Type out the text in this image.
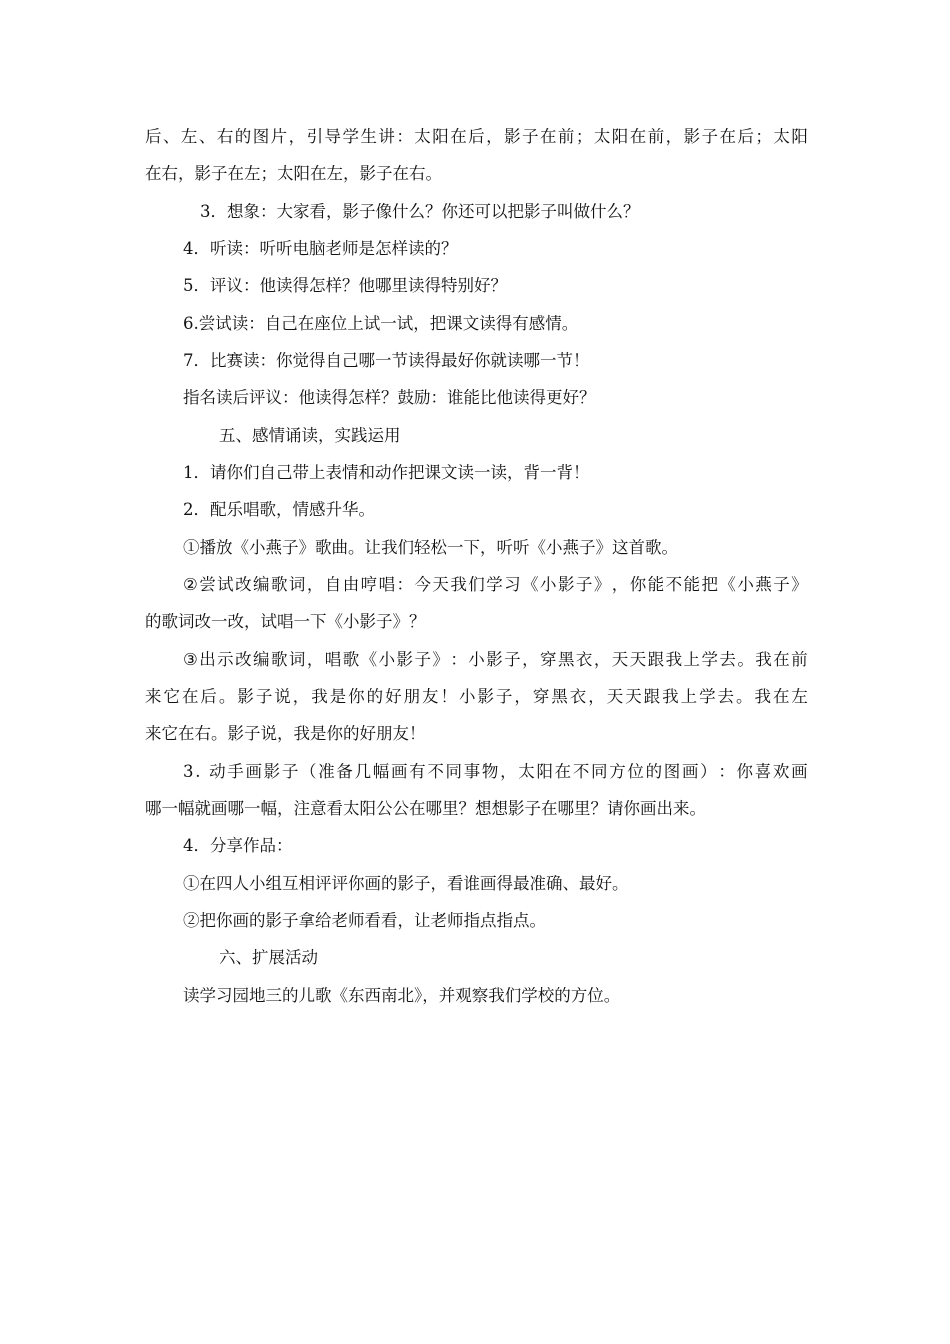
后 、 左 、 右 的 图 片 ， 引 导 学 生 讲 ： 太 阳 在 后 ， 影 子 在 前 ； 太 阳 在 前 ， 影 子 在 后 ； 太 阳
在右，影子在左；太阳在左，影子在右。
3．想象：大家看，影子像什么？你还可以把影子叫做什么？
4．听读：听听电脑老师是怎样读的？
5．评议：他读得怎样？他哪里读得特别好？
6.尝试读：自己在座位上试一试，把课文读得有感情。
7．比赛读：你觉得自己哪一节读得最好你就读哪一节！
指名读后评议：他读得怎样？鼓励：谁能比他读得更好？
五、感情诵读，实践运用
1．请你们自己带上表情和动作把课文读一读，背一背！
2．配乐唱歌，情感升华。
①播放《小燕子》歌曲。让我们轻松一下，听听《小燕子》这首歌。
② 尝 试 改 编 歌 词 ， 自 由 哼 唱 ： 今 天 我 们 学 习 《 小 影 子 》 ， 你 能 不 能 把 《 小 燕 子 》
的歌词改一改，试唱一下《小影子》？
③ 出 示 改 编 歌 词 ， 唱 歌 《 小 影 子 》 ： 小 影 子 ， 穿 黑 衣 ， 天 天 跟 我 上 学 去 。 我 在 前
来 它 在 后 。 影 子 说 ， 我 是 你 的 好 朋 友 ！ 小 影 子 ， 穿 黑 衣 ， 天 天 跟 我 上 学 去 。 我 在 左
来它在右。影子说，我是你的好朋友！
3 .
动 手 画 影 子 （ 准 备 几 幅 画 有 不 同 事 物 ， 太 阳 在 不 同 方 位 的 图 画 ） ： 你 喜 欢 画
哪一幅就画哪一幅，注意看太阳公公在哪里？想想影子在哪里？请你画出来。
4．分享作品：
①在四人小组互相评评你画的影子，看谁画得最准确、最好。
②把你画的影子拿给老师看看，让老师指点指点。
六、扩展活动
读学习园地三的儿歌《东西南北》，并观察我们学校的方位。
